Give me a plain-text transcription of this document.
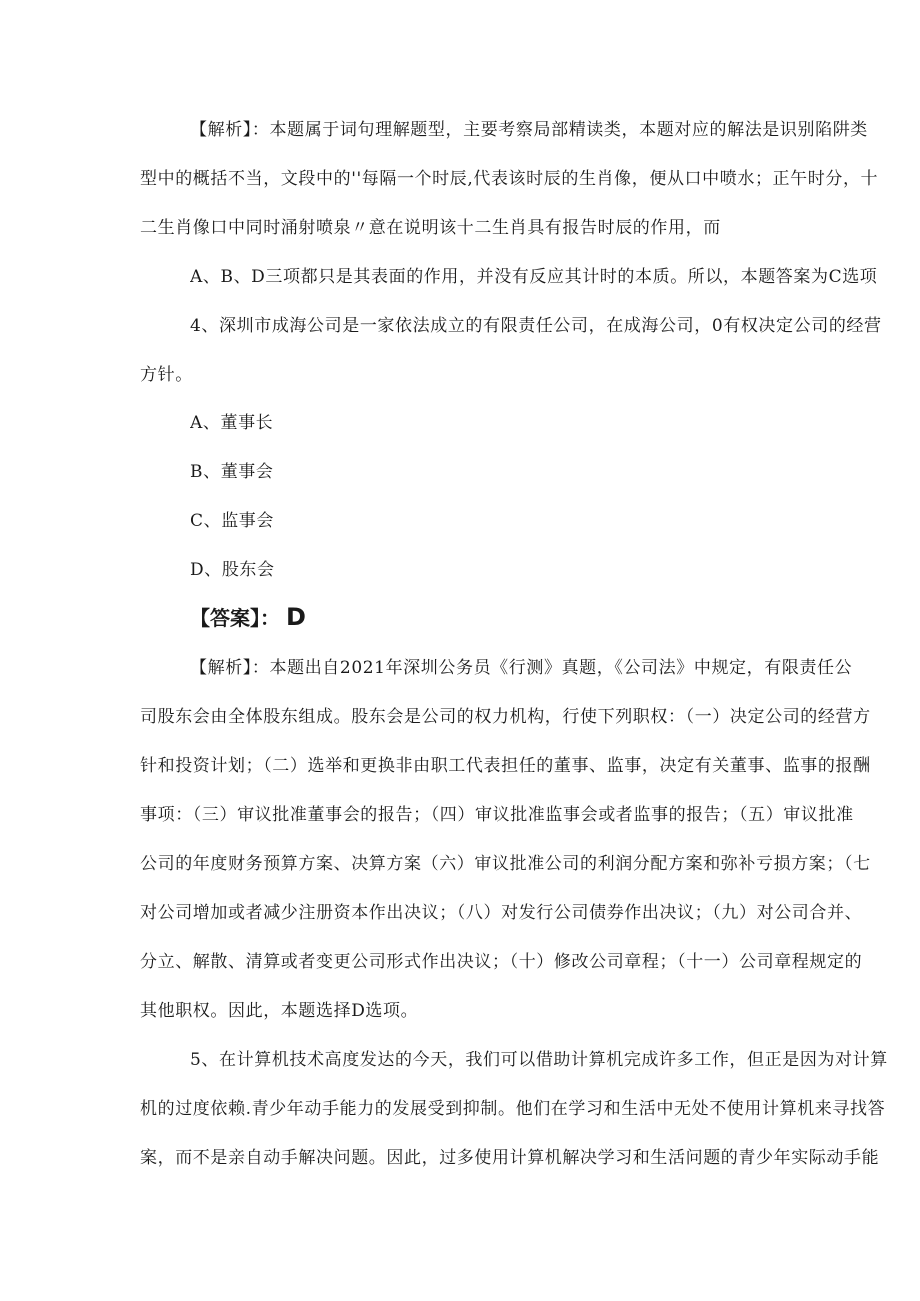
【解析】：本题属于词句理解题型，主要考察局部精读类，本题对应的解法是识别陷阱类
型中的概括不当，文段中的''每隔一个时辰,代表该时辰的生肖像，便从口中喷水；正午时分，十
二生肖像口中同时涌射喷泉〃意在说明该十二生肖具有报告时辰的作用，而
A、B、D三项都只是其表面的作用，并没有反应其计时的本质。所以，本题答案为C选项
4、深圳市成海公司是一家依法成立的有限责任公司，在成海公司，0有权决定公司的经营
方针。
A、董事长
B、董事会
C、监事会
D、股东会
【答案】： D
【解析】：本题出自2021年深圳公务员《行测》真题，《公司法》中规定，有限责任公
司股东会由全体股东组成。股东会是公司的权力机构，行使下列职权：（一）决定公司的经营方
针和投资计划；（二）选举和更换非由职工代表担任的董事、监事，决定有关董事、监事的报酬
事项：（三）审议批准董事会的报告；（四）审议批准监事会或者监事的报告；（五）审议批准
公司的年度财务预算方案、决算方案（六）审议批准公司的利润分配方案和弥补亏损方案；（七
对公司增加或者减少注册资本作出决议；（八）对发行公司债券作出决议；（九）对公司合并、
分立、解散、清算或者变更公司形式作出决议；（十）修改公司章程；（十一）公司章程规定的
其他职权。因此，本题选择D选项。
5、在计算机技术高度发达的今天，我们可以借助计算机完成许多工作，但正是因为对计算
机的过度依赖.青少年动手能力的发展受到抑制。他们在学习和生活中无处不使用计算机来寻找答
案，而不是亲自动手解决问题。因此，过多使用计算机解决学习和生活问题的青少年实际动手能
